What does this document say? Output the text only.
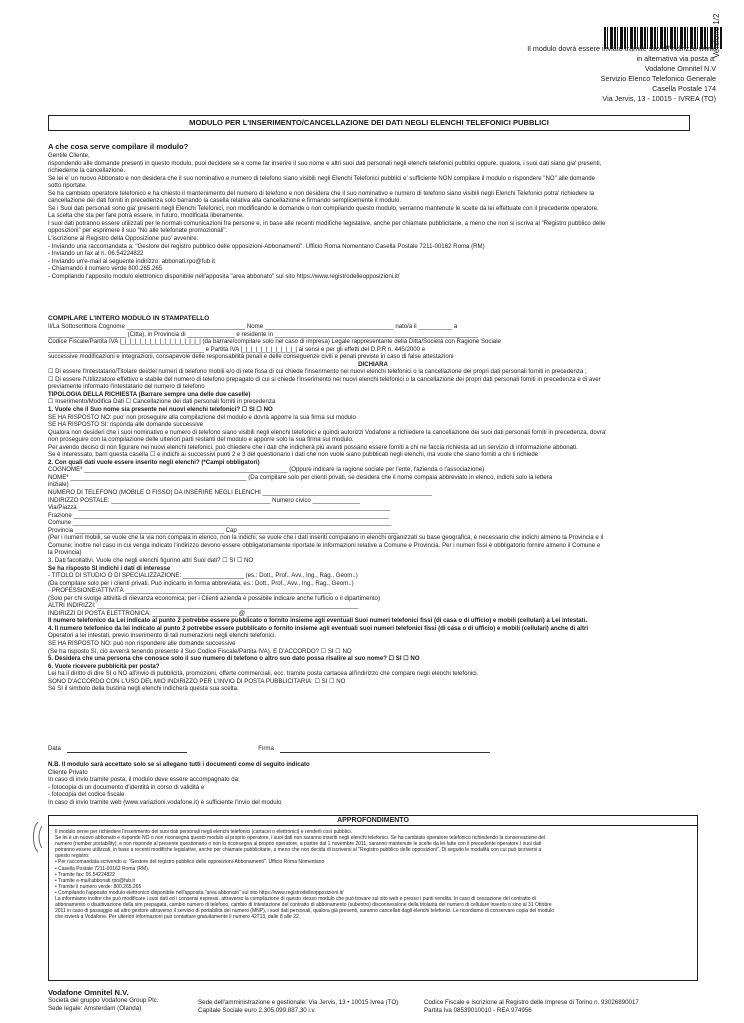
Versione 1/2
Il modulo dovrà essere inviato tramite sito all'indirizzo www.
in alternativa via posta a:
Vodafone Omnitel N.V
Servizio Elenco Telefonico Generale
Casella Postale 174
Via Jervis, 13 - 10015 - IVREA (TO)
MODULO PER L'INSERIMENTO/CANCELLAZIONE DEI DATI NEGLI ELENCHI TELEFONICI PUBBLICI
A che cosa serve compilare il modulo?
Gentile Cliente,
rispondendo alle domande presenti in questo modulo, puoi decidere se e come far inserire il suo nome e altri suoi dati personali negli elenchi telefonici pubblici oppure, qualora, i suoi dati siano gia' presenti,
richiederne la cancellazione.
Se lei e' un nuovo Abbonato e non desidera che il suo nominativo e numero di telefono siano visibili negli Elenchi Telefonici pubblici e' sufficiente NON compilare il modulo o rispondere "NO" alle domande
sotto riportate.
Se ha cambiato operatore telefonico e ha chiesto il mantenimento del numero di telefono e non desidera che il suo nominativo e numero di telefono siano visibili negli Elenchi Telefonici potra' richiedere la
cancellazione dei dati forniti in precedenza solo barrando la casella relativa alla cancellazione e firmando semplicemente il modulo.
Se i Suoi dati personali sono gia' presenti negli Elenchi Telefonici, non modificando le domande o non compilando questo modulo, verranno mantenute le scelte da lei effettuate con il precedente operatore.
La scelta che sta per fare potrà essere, in futuro, modificata liberamente.
I suoi dati potranno essere utilizzati per le normali comunicazioni fra persone e, in base alle recenti modifiche legislative, anche per chiamate pubblicitarie, a meno che non si iscriva al "Registro pubblico delle
opposizioni" per esprimere il suo "No alle telefonate promozionali".
L'iscrizione al Registro della Opposizione puo' avvenire:
- Inviando una raccomandata a: "Gestore del registro pubblico delle opposizioni-Abbonamenti". Ufficio Roma Nomentano Casella Postale 7211-00162 Roma (RM)
- Inviando un fax al n. 06.54224822
- Inviando un'e-mail al seguente indirizzo: abbonati.rpo@fub.it
- Chiamando il numero verde 800.265.265
- Compilando l'apposito modulo elettronico disponibile nell'apposita "area abbonato" sul sito https://www.registrodelleopposizioni.it/
COMPILARE L'INTERO MODULO IN STAMPATELLO
Il/La Sottoscritto/a Cognome ___________________________________ Nome ______________________________________ nato/a il __________ a
_______________________ (Citta), in Provincia di ______________ e residente in ____________________________________________________________
Codice Fiscale/Partita IVA |_|_|_|_|_|_|_|_|_|_|_|_|_|_|_|_| (da barrare/compilare solo nel caso di impresa) Legale rappresentante della Ditta/Società con Ragione Sociale
______________________________________________ e Partita IVA |_|_|_|_|_|_|_|_|_|_|_| ai sensi e per gli effetti del D.P.R n. 445/2000 e
successive modificazioni e integrazioni, consapevole delle responsabilità penali e delle conseguenze civili e penali previste in caso di false attestazioni
DICHIARA
☐ Di essere l'Intestatario/Titolare dei/del numeri di telefono mobili e/o di rete fissa di cui chiede l'inserimento nei nuovi elenchi telefonici o la cancellazione dei propri dati personali forniti in precedenza ;
☐ Di essere l'Utilizzatore effettivo e stabile del numero di telefono prepagato di cui si chiede l'inserimento nei nuovi elenchi telefonici o la cancellazione dei propri dati personali forniti in precedenza e di aver
previamente informato l'intestatario del numero di telefono
TIPOLOGIA DELLA RICHIESTA (Barrare sempre una delle due caselle)
☐ Inserimento/Modifica Dati ☐ Cancellazione dei dati personali forniti in precedenza
1. Vuole che il Suo nome sia presente nei nuovi elenchi telefonici? ☐ SI ☐ NO
SE HA RISPOSTO NO: puo' non proseguire alla compilazione del modulo e dovrà apporre la sua firma sul modulo
SE HA RISPOSTO SI: risponda alle domande successive
Qualora non desideri che i suoi nominativo e numero di telefono siano visibili negli elenchi telefonici e quindi autorizzi Vodafone a richiedere la cancellazione dei suoi dati personali forniti in precedenza, dovra'
non proseguire con la compilazione delle ulteriori parti restanti del modulo e apporre solo la sua firma sul modulo.
Per avendo deciso di non figurare nei nuovi elenchi telefonici, può chiedere che i dati che indicherà più avanti possano essere forniti a chi ne faccia richiesta ad un servizio di informazione abbonati.
Se è interessato, barri questa casella ☐ e indichi ai successivi punti 2 e 3 del questionario i dati che non vuole siano pubblicati negli elenchi, ma vuole che siano forniti a chi li richiede
2. Con quali dati vuole essere inserito negli elenchi? (*Campi obbligatori)
COGNOME* ____________________________________________________________ (Oppure indicare la ragione sociale per l'ente, l'azienda o l'associazione)
NOME* ____________________________________________________ (Da compilare solo per clienti privati, se desidera che il nome compaia abbreviato in elenco, indichi solo la lettera
iniziale)
NUMERO DI TELEFONO (MOBILE O FISSO) DA INSERIRE NEGLI ELENCHI __________________________________________________
INDIRIZZO POSTALE: _______________________________________________ Numero civico ______________
Via/Piazza ____________________________________________________________________________________________
Frazione _____________________________________________________________________________________________
Comune ______________________________________________________________________________________________
Provincia ____________________________________________ Cap _______________________________________________
(Per i numeri mobili, se vuole che la via non compaia in elenco, non la indichi; se vuole che i dati inseriti compaiano in elenchi organizzati su base geografica, è necessario che indichi almeno la Provincia e il
Comune; inoltre nel caso in cui venga indicato l'indirizzo devono essere obbligatoriamente riportate le informazioni relative a Comune e Provincia. Per i numeri fissi è obbligatorio fornire almeno il Comune e
la Provincia)
3. Dati facoltativi. Vuole che negli elenchi figurino altri Suoi dati? ☐ SI ☐ NO
Se ha risposto SI indichi i dati di interesse
- TITOLO DI STUDIO O DI SPECIALIZZAZIONE: __________________ (es.: Dott., Prof., Avv., Ing., Rag., Geom..)
(Da compilare solo per i clienti privati. Può indicarlo in forma abbreviata, es.: Dott., Prof., Avv., Ing., Rag., Geom..)
- PROFESSIONE/ATTIVITÀ _____________________________________________________________
(Solo per chi svolge attività di rilevanza economica; per i Clienti azienda è possibile indicare anche l'ufficio o il dipartimento)
ALTRI INDIRIZZI: _____________________________________________________________________________
INDIRIZZI DI POSTA ELETTRONICA: _________________________ @ ______________________________
Il numero telefonico da Lei indicato al punto 2 potrebbe essere pubblicato o fornito insieme agli eventuali Suoi numeri telefonici fissi (di casa o di ufficio) e mobili (cellulari) a Lei intestati.
4. Il numero telefonico da lei indicato al punto 2 potrebbe essere pubblicato o fornito insieme agli eventuali suoi numeri telefonici fissi (di casa o di ufficio) e mobili (cellulari) anche di altri
Operatori a lei intestati, previo inserimento di tali numerazioni negli elenchi telefonici.
SE HA RISPOSTO NO: può non rispondere alle domande successive
(Se ha risposto Sì, ciò avverrà tenendo presente il Suo Codice Fiscale/Partita IVA). È D'ACCORDO? ☐ SI ☐ NO
5. Desidera che una persona che conosce solo il suo numero di telefono o altro suo dato possa risalire al suo nome? ☐ SI ☐ NO
6. Vuole ricevere pubblicità per posta?
Lei ha il diritto di dire SI o NO all'invio di pubblicità, promozioni, offerte commerciali, ecc. tramite posta cartacea all'indirizzo che compare negli elenchi telefonici.
SONO D'ACCORDO CON L'USO DEL MIO INDIRIZZO PER L'INVIO DI POSTA PUBBLICITARIA: ☐ SI ☐ NO
Se SI il simbolo della bustina negli elenchi indicherà questa sua scelta.
Data	Firma
N.B. Il modulo sarà accettato solo se si allegano tutti i documenti come di seguito indicato
Cliente Privato
In caso di invio tramite posta, il modulo deve essere accompagnato da:
- fotocopia di un documento d'identità in corso di validità e
- fotocopia del codice fiscale
In caso di invio tramite web (www.variazioni.vodafone.it) è sufficiente l'invio del modulo
APPROFONDIMENTO
Il modulo serve per richiedere l'inserimento dei suoi dati personali negli elenchi telefonici (cartacei o elettronici) e renderli così pubblici.
Se lei è un nuovo abbonato e risponde NO o non riconsegna questo modulo al proprio operatore, i suoi dati non saranno inseriti negli elenchi telefonici. Se ha cambiato operatore telefonico richiedendo la conservazione del
numero (number portability), e non risponde al presente questionario o non lo riconsegna al proprio operatore, a partire dal 1 novembre 2011, saranno mantenute le scelte da lei fatte con il precedente operatore.I suoi dati
potranno essere utilizzati, in base a recenti modifiche legislative, anche per chiamate pubblicitarie, a meno che non decida di iscriversi al "Registro pubblico delle opposizioni". Di seguito le modalità con cui può iscriversi a
questo registro:
• Per raccomandata scrivendo a: "Gestore del registro pubblico delle opposizioni-Abbonamenti". Ufficio Roma Nomentano
• Casella Postale 7211-00162 Roma (RM).
• Tramite fax: 06.54224822
• Tramite e-mail:abbonati.rpo@fub.it
• Tramite il numero verde: 800.265.265
• Compilando l'apposito modulo elettronico disponibile nell'apposita "area abbonato" sul sito https://www.registrodelleopposizioni.it/
La informiamo inoltre che può modificare i suoi dati ed i consensi espressi, attraverso la compilazione di questo stesso modulo che può trovare sul sito web e presso i punti vendita. In caso di cessazione del contratto di
abbonamento o disattivazione della sim prepagata, cambio numero di telefono, cambio di intestazione del contratto di abbonamento (subentro) disconnessione della titolarità del numero di cellulare inserito o sino al 31 Ottobre
2011 in caso di passaggio ad altro gestore attraverso il servizio di portabilità del numero (MNP), i suoi dati personali, qualora già presenti, saranno cancellati dagli elenchi telefonici. Le ricordiamo di conservare copia del modulo
che invierà a Vodafone. Per ulteriori informazioni può contattare gratuitamente il numero 42713, dalle 8 alle 22.
Vodafone Omnitel N.V.
Società del gruppo Vodafone Group Plc.
Sede legale: Amsterdam (Olanda)
Sede dell'amministrazione e gestionale: Via Jervis, 13 • 10015 Ivrea (TO)
Capitale Sociale euro 2.305.099.887,30 i.v.
Codice Fiscale e iscrizione al Registro delle Imprese di Torino n. 93026890017
Partita Iva 08539010010 - REA 974956
